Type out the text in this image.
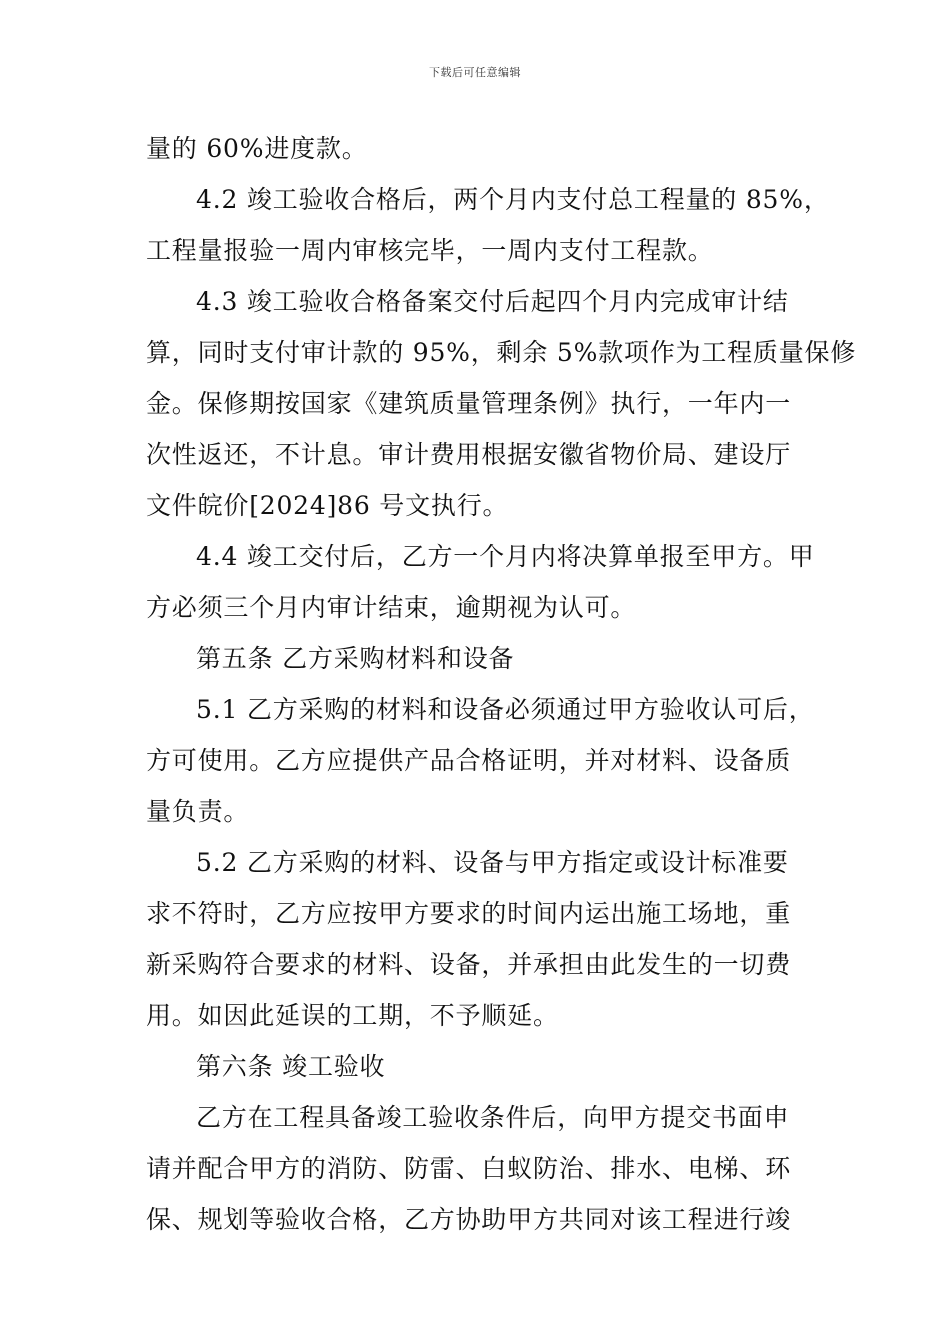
下载后可任意编辑
量的 60%进度款。
4.2 竣工验收合格后，两个月内支付总工程量的 85%，
工程量报验一周内审核完毕，一周内支付工程款。
4.3 竣工验收合格备案交付后起四个月内完成审计结
算，同时支付审计款的 95%，剩余 5%款项作为工程质量保修
金。保修期按国家《建筑质量管理条例》执行，一年内一
次性返还，不计息。审计费用根据安徽省物价局、建设厅
文件皖价[2024]86 号文执行。
4.4 竣工交付后，乙方一个月内将决算单报至甲方。甲
方必须三个月内审计结束，逾期视为认可。
第五条 乙方采购材料和设备
5.1 乙方采购的材料和设备必须通过甲方验收认可后，
方可使用。乙方应提供产品合格证明，并对材料、设备质
量负责。
5.2 乙方采购的材料、设备与甲方指定或设计标准要
求不符时，乙方应按甲方要求的时间内运出施工场地，重
新采购符合要求的材料、设备，并承担由此发生的一切费
用。如因此延误的工期，不予顺延。
第六条 竣工验收
乙方在工程具备竣工验收条件后，向甲方提交书面申
请并配合甲方的消防、防雷、白蚁防治、排水、电梯、环
保、规划等验收合格，乙方协助甲方共同对该工程进行竣
